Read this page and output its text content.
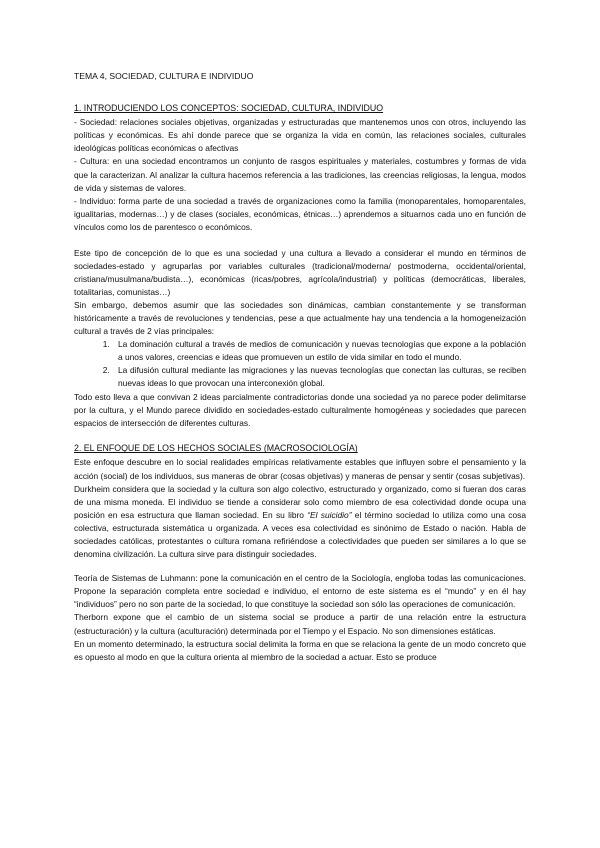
TEMA 4, SOCIEDAD, CULTURA E INDIVIDUO
1. INTRODUCIENDO LOS CONCEPTOS: SOCIEDAD, CULTURA, INDIVIDUO

- Sociedad: relaciones sociales objetivas, organizadas y estructuradas que mantenemos unos con otros, incluyendo las políticas y económicas. Es ahí donde parece que se organiza la vida en común, las relaciones sociales, culturales ideológicas políticas económicas o afectivas

- Cultura: en una sociedad encontramos un conjunto de rasgos espirituales y materiales, costumbres y formas de vida que la caracterizan. Al analizar la cultura hacemos referencia a las tradiciones, las creencias religiosas, la lengua, modos de vida y sistemas de valores.

- Individuo: forma parte de una sociedad a través de organizaciones como la familia (monoparentales, homoparentales, igualitarias, modernas…) y de clases (sociales, económicas, étnicas…) aprendemos a situarnos cada uno en función de vínculos como los de parentesco o económicos.

Este tipo de concepción de lo que es una sociedad y una cultura a llevado a considerar el mundo en términos de sociedades-estado y agruparlas por variables culturales (tradicional/moderna/ postmoderna, occidental/oriental, cristiana/musulmana/budista…), económicas (ricas/pobres, agrícola/industrial) y políticas (democráticas, liberales, totalitarias, comunistas…)

Sin embargo, debemos asumir que las sociedades son dinámicas, cambian constantemente y se transforman históricamente a través de revoluciones y tendencias, pese a que actualmente hay una tendencia a la homogeneización cultural a través de 2 vías principales:

1. La dominación cultural a través de medios de comunicación y nuevas tecnologías que expone a la población a unos valores, creencias e ideas que promueven un estilo de vida similar en todo el mundo.
2. La difusión cultural mediante las migraciones y las nuevas tecnologías que conectan las culturas, se reciben nuevas ideas lo que provocan una interconexión global.

Todo esto lleva a que convivan 2 ideas parcialmente contradictorias donde una sociedad ya no parece poder delimitarse por la cultura, y el Mundo parece dividido en sociedades-estado culturalmente homogéneas y sociedades que parecen espacios de intersección de diferentes culturas.

2. EL ENFOQUE DE LOS HECHOS SOCIALES (MACROSOCIOLOGÍA)

Este enfoque descubre en lo social realidades empíricas relativamente estables que influyen sobre el pensamiento y la acción (social) de los individuos, sus maneras de obrar (cosas objetivas) y maneras de pensar y sentir (cosas subjetivas).

Durkheim considera que la sociedad y la cultura son algo colectivo, estructurado y organizado, como si fueran dos caras de una misma moneda. El individuo se tiende a considerar solo como miembro de esa colectividad donde ocupa una posición en esa estructura que llaman sociedad. En su libro “El suicidio” el término sociedad lo utiliza como una cosa colectiva, estructurada sistemática u organizada. A veces esa colectividad es sinónimo de Estado o nación. Habla de sociedades católicas, protestantes o cultura romana refiriéndose a colectividades que pueden ser similares a lo que se denomina civilización. La cultura sirve para distinguir sociedades.

Teoría de Sistemas de Luhmann: pone la comunicación en el centro de la Sociología, engloba todas las comunicaciones. Propone la separación completa entre sociedad e individuo, el entorno de este sistema es el “mundo” y en él hay “individuos” pero no son parte de la sociedad, lo que constituye la sociedad son sólo las operaciones de comunicación.

Therborn expone que el cambio de un sistema social se produce a partir de una relación entre la estructura (estructuración) y la cultura (aculturación) determinada por el Tiempo y el Espacio. No son dimensiones estáticas.

En un momento determinado, la estructura social delimita la forma en que se relaciona la gente de un modo concreto que es opuesto al modo en que la cultura orienta al miembro de la sociedad a actuar. Esto se produce
